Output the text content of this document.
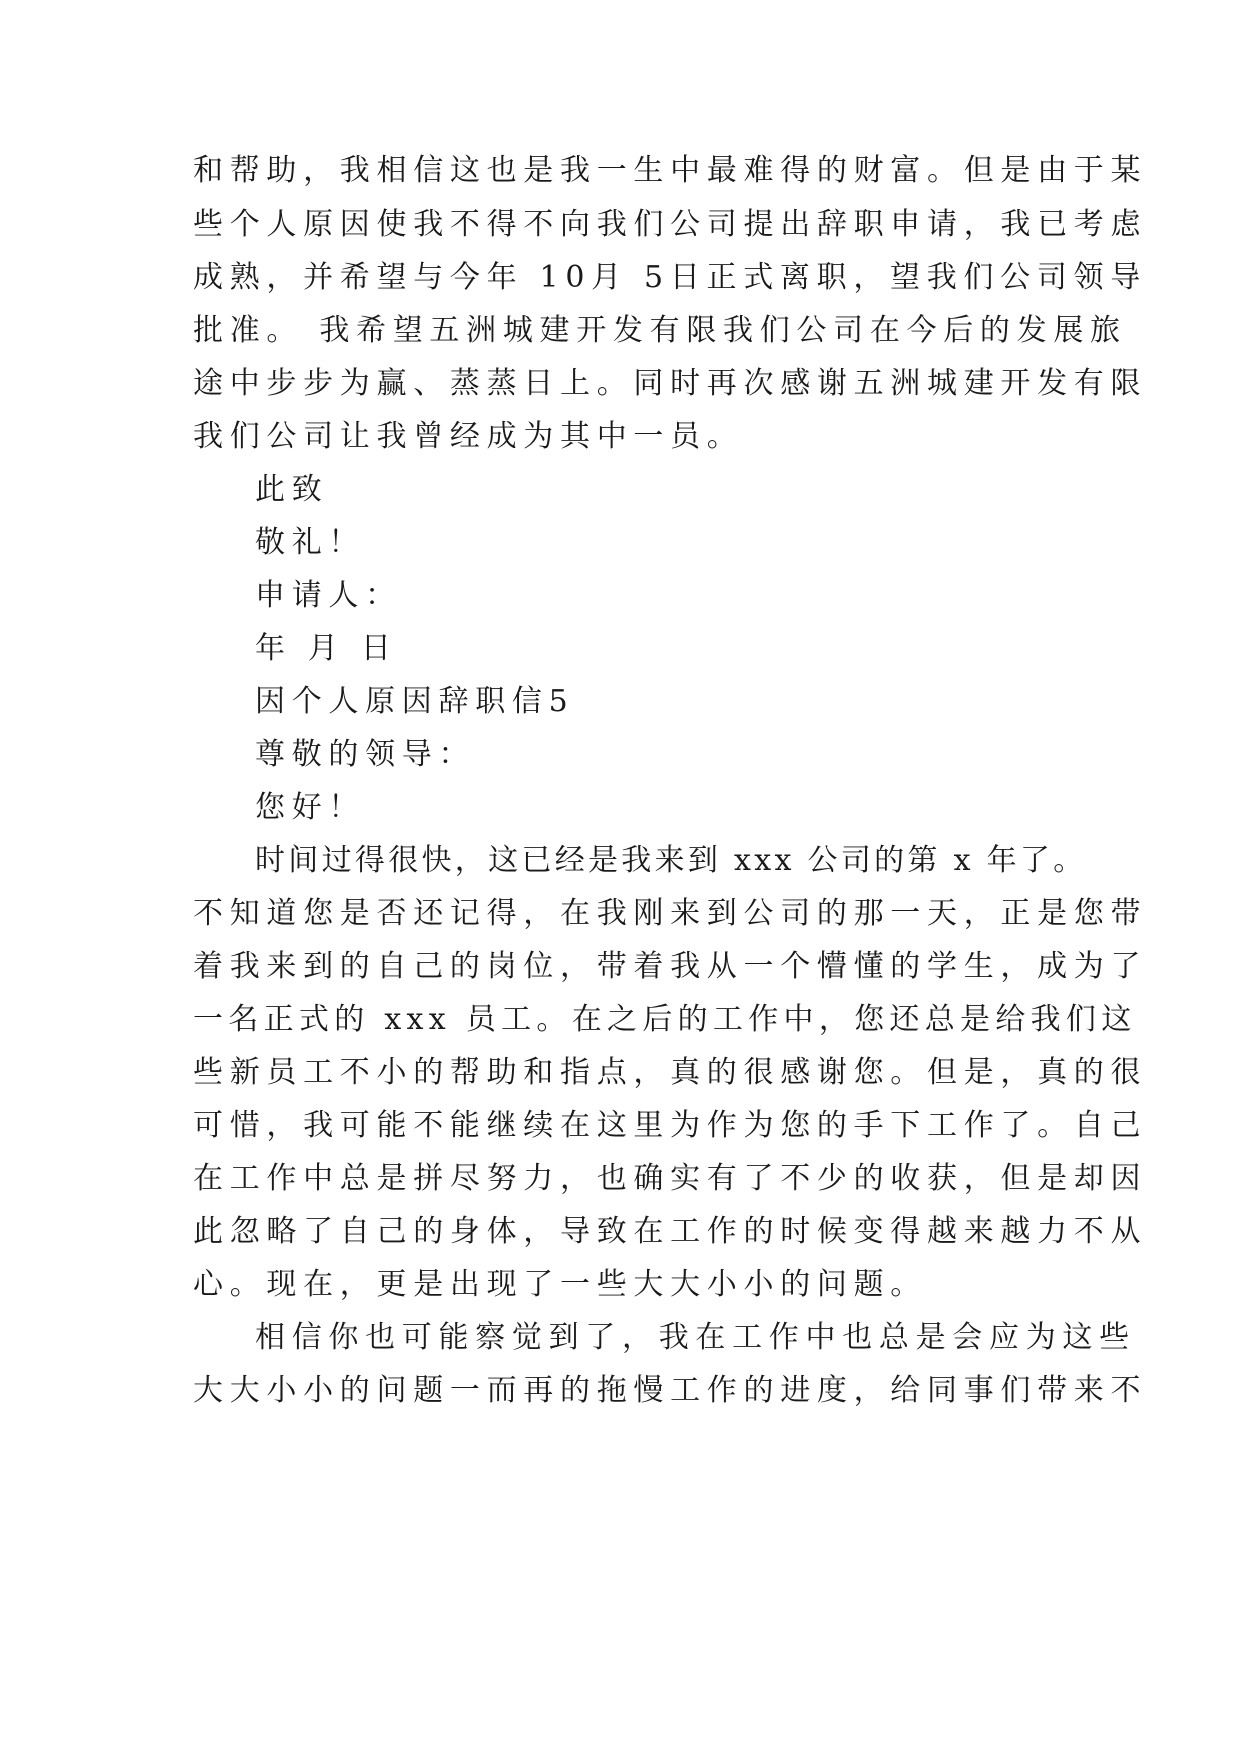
和帮助，我相信这也是我一生中最难得的财富。但是由于某
些个人原因使我不得不向我们公司提出辞职申请，我已考虑
成熟，并希望与今年 10月 5日正式离职，望我们公司领导
批准。 我希望五洲城建开发有限我们公司在今后的发展旅
途中步步为赢、蒸蒸日上。同时再次感谢五洲城建开发有限
我们公司让我曾经成为其中一员。
此致
敬礼！
申请人：
年 月 日
因个人原因辞职信5
尊敬的领导：
您好！
时间过得很快，这已经是我来到 xxx 公司的第 x 年了。
不知道您是否还记得，在我刚来到公司的那一天，正是您带
着我来到的自己的岗位，带着我从一个懵懂的学生，成为了
一名正式的 xxx 员工。在之后的工作中，您还总是给我们这
些新员工不小的帮助和指点，真的很感谢您。但是，真的很
可惜，我可能不能继续在这里为作为您的手下工作了。自己
在工作中总是拼尽努力，也确实有了不少的收获，但是却因
此忽略了自己的身体，导致在工作的时候变得越来越力不从
心。现在，更是出现了一些大大小小的问题。
相信你也可能察觉到了，我在工作中也总是会应为这些
大大小小的问题一而再的拖慢工作的进度，给同事们带来不
